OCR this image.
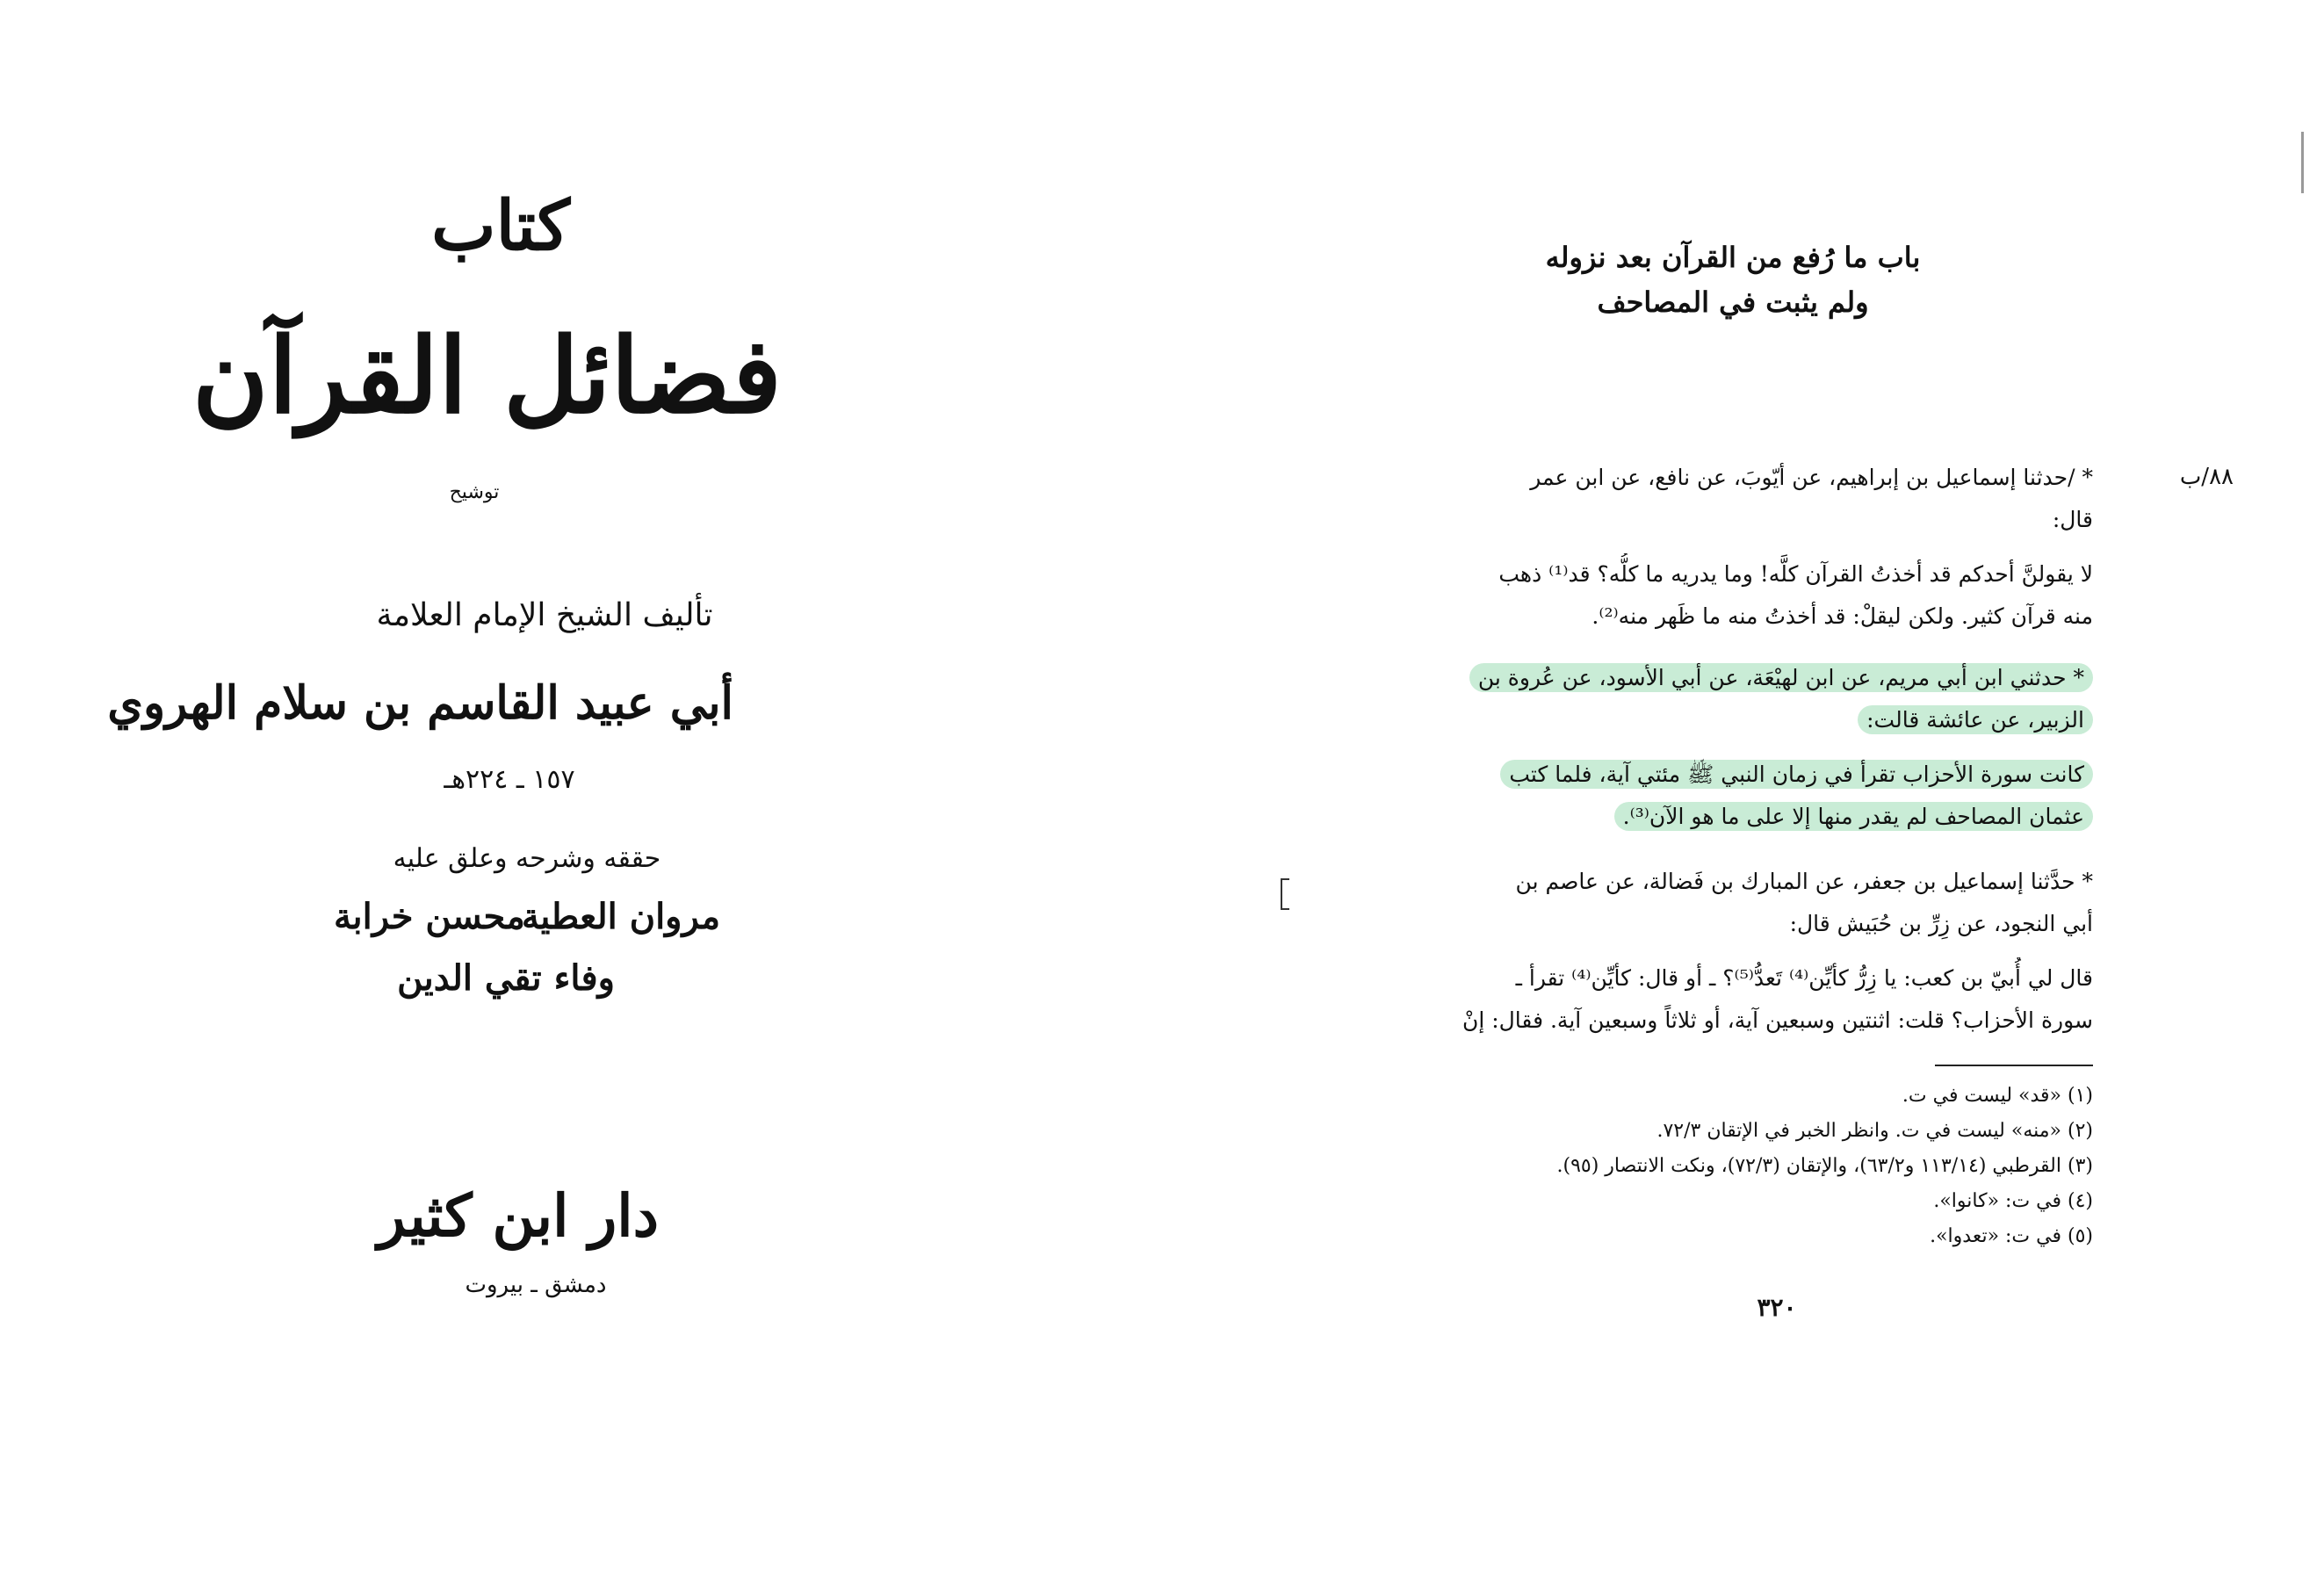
كتاب
فضائل القرآن
توشيح
تأليف الشيخ الإمام العلامة
أبي عبيد القاسم بن سلام الهروي
١٥٧ ـ ٢٢٤هـ
حققه وشرحه وعلق عليه
مروان العطية
محسن خرابة
وفاء تقي الدين
دار ابن كثير
دمشق ـ بيروت
باب ما رُفع من القرآن بعد نزوله
ولم يثبت في المصاحف
٨٨/ب
* /حدثنا إسماعيل بن إبراهيم، عن أيّوبَ، عن نافع، عن ابن عمر
قال:
لا يقولنَّ أحدكم قد أخذتُ القرآن كلَّه! وما يدريه ما كلُّه؟ قد⁽¹⁾ ذهب
منه قرآن كثير. ولكن ليقلْ: قد أخذتُ منه ما ظَهر منه⁽²⁾.
* حدثني ابن أبي مريم، عن ابن لهيْعَة، عن أبي الأسود، عن عُروة بن
الزبير، عن عائشة قالت:
كانت سورة الأحزاب تقرأ في زمان النبي ﷺ مئتي آية، فلما كتب
عثمان المصاحف لم يقدر منها إلا على ما هو الآن⁽³⁾.
* حدَّثنا إسماعيل بن جعفر، عن المبارك بن فَضالة، عن عاصم بن
أبي النجود، عن زِرِّ بن حُبَيش قال:
قال لي أُبيّ بن كعب: يا زِرُّ كأيِّن⁽⁴⁾ تَعدُّ⁽⁵⁾؟ ـ أو قال: كأيِّن⁽⁴⁾ تقرأ ـ
سورة الأحزاب؟ قلت: اثنتين وسبعين آية، أو ثلاثاً وسبعين آية. فقال: إنْ
(١) «قد» ليست في ت.
(٢) «منه» ليست في ت. وانظر الخبر في الإتقان ٧٢/٣.
(٣) القرطبي (١١٣/١٤ و٦٣/٢)، والإتقان (٧٢/٣)، ونكت الانتصار (٩٥).
(٤) في ت: «كانوا».
(٥) في ت: «تعدوا».
٣٢٠
